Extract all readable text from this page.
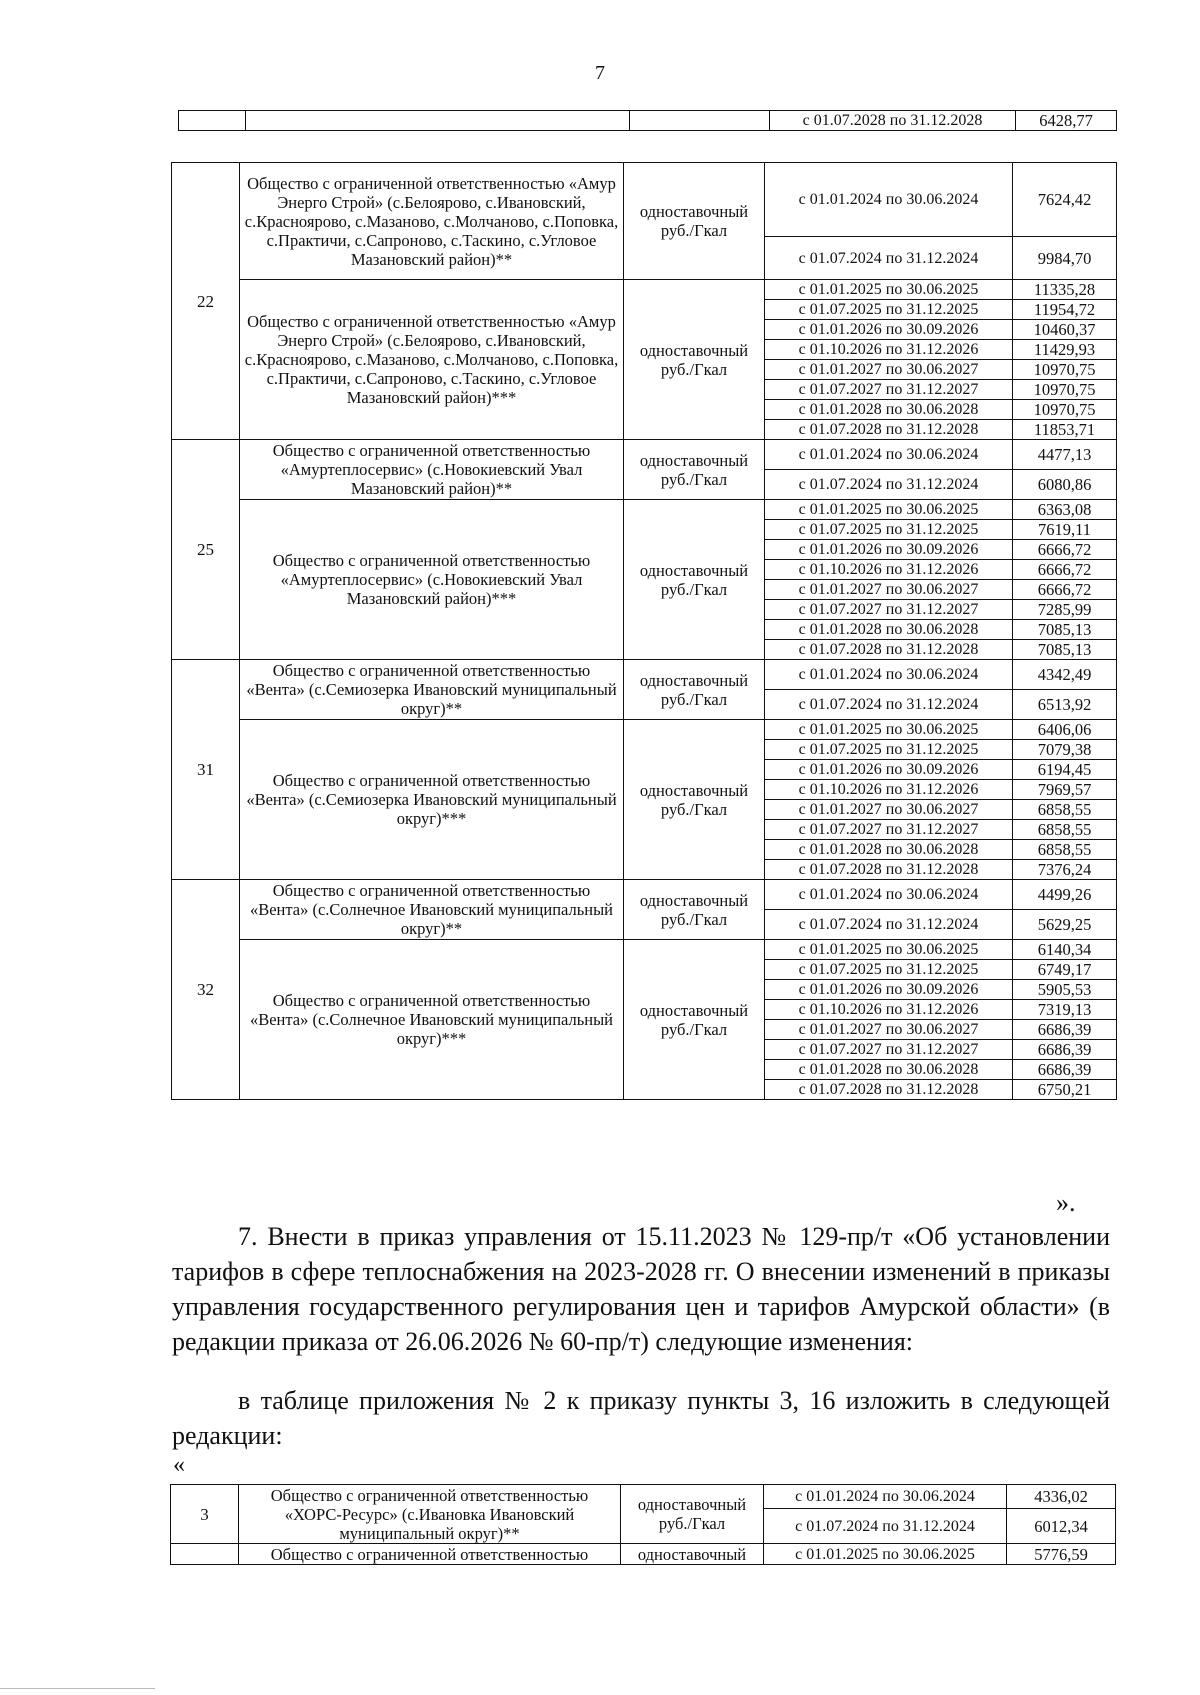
7
			с 01.07.2028 по 31.12.2028	6428,77
22	Общество с ограниченной ответственностью «Амур Энерго Строй» (с.Белоярово, с.Ивановский, с.Красноярово, с.Мазаново, с.Молчаново, с.Поповка, с.Практичи, с.Сапроново, с.Таскино, с.Угловое Мазановский район)**	одноставочный руб./Гкал	с 01.01.2024 по 30.06.2024	7624,42
			с 01.07.2024 по 31.12.2024	9984,70
	Общество с ограниченной ответственностью «Амур Энерго Строй» (с.Белоярово, с.Ивановский, с.Красноярово, с.Мазаново, с.Молчаново, с.Поповка, с.Практичи, с.Сапроново, с.Таскино, с.Угловое Мазановский район)***	одноставочный руб./Гкал	с 01.01.2025 по 30.06.2025	11335,28
			с 01.07.2025 по 31.12.2025	11954,72
			с 01.01.2026 по 30.09.2026	10460,37
			с 01.10.2026 по 31.12.2026	11429,93
			с 01.01.2027 по 30.06.2027	10970,75
			с 01.07.2027 по 31.12.2027	10970,75
			с 01.01.2028 по 30.06.2028	10970,75
			с 01.07.2028 по 31.12.2028	11853,71
25	Общество с ограниченной ответственностью «Амуртеплосервис» (с.Новокиевский Увал Мазановский район)**	одноставочный руб./Гкал	с 01.01.2024 по 30.06.2024	4477,13
			с 01.07.2024 по 31.12.2024	6080,86
	Общество с ограниченной ответственностью «Амуртеплосервис» (с.Новокиевский Увал Мазановский район)***	одноставочный руб./Гкал	с 01.01.2025 по 30.06.2025	6363,08
			с 01.07.2025 по 31.12.2025	7619,11
			с 01.01.2026 по 30.09.2026	6666,72
			с 01.10.2026 по 31.12.2026	6666,72
			с 01.01.2027 по 30.06.2027	6666,72
			с 01.07.2027 по 31.12.2027	7285,99
			с 01.01.2028 по 30.06.2028	7085,13
			с 01.07.2028 по 31.12.2028	7085,13
31	Общество с ограниченной ответственностью «Вента» (с.Семиозерка Ивановский муниципальный округ)**	одноставочный руб./Гкал	с 01.01.2024 по 30.06.2024	4342,49
			с 01.07.2024 по 31.12.2024	6513,92
	Общество с ограниченной ответственностью «Вента» (с.Семиозерка Ивановский муниципальный округ)***	одноставочный руб./Гкал	с 01.01.2025 по 30.06.2025	6406,06
			с 01.07.2025 по 31.12.2025	7079,38
			с 01.01.2026 по 30.09.2026	6194,45
			с 01.10.2026 по 31.12.2026	7969,57
			с 01.01.2027 по 30.06.2027	6858,55
			с 01.07.2027 по 31.12.2027	6858,55
			с 01.01.2028 по 30.06.2028	6858,55
			с 01.07.2028 по 31.12.2028	7376,24
32	Общество с ограниченной ответственностью «Вента» (с.Солнечное Ивановский муниципальный округ)**	одноставочный руб./Гкал	с 01.01.2024 по 30.06.2024	4499,26
			с 01.07.2024 по 31.12.2024	5629,25
	Общество с ограниченной ответственностью «Вента» (с.Солнечное Ивановский муниципальный округ)***	одноставочный руб./Гкал	с 01.01.2025 по 30.06.2025	6140,34
			с 01.07.2025 по 31.12.2025	6749,17
			с 01.01.2026 по 30.09.2026	5905,53
			с 01.10.2026 по 31.12.2026	7319,13
			с 01.01.2027 по 30.06.2027	6686,39
			с 01.07.2027 по 31.12.2027	6686,39
			с 01.01.2028 по 30.06.2028	6686,39
			с 01.07.2028 по 31.12.2028	6750,21
».

7. Внести в приказ управления от 15.11.2023 № 129-пр/т «Об установлении тарифов в сфере теплоснабжения на 2023-2028 гг. О внесении изменений в приказы управления государственного регулирования цен и тарифов Амурской области» (в редакции приказа от 26.06.2026 № 60-пр/т) следующие изменения:

в таблице приложения № 2 к приказу пункты 3, 16 изложить в следующей редакции:

«
3	Общество с ограниченной ответственностью «ХОРС-Ресурс» (с.Ивановка Ивановский муниципальный округ)**	одноставочный руб./Гкал	с 01.01.2024 по 30.06.2024	4336,02
			с 01.07.2024 по 31.12.2024	6012,34
	Общество с ограниченной ответственностью	одноставочный	с 01.01.2025 по 30.06.2025	5776,59
